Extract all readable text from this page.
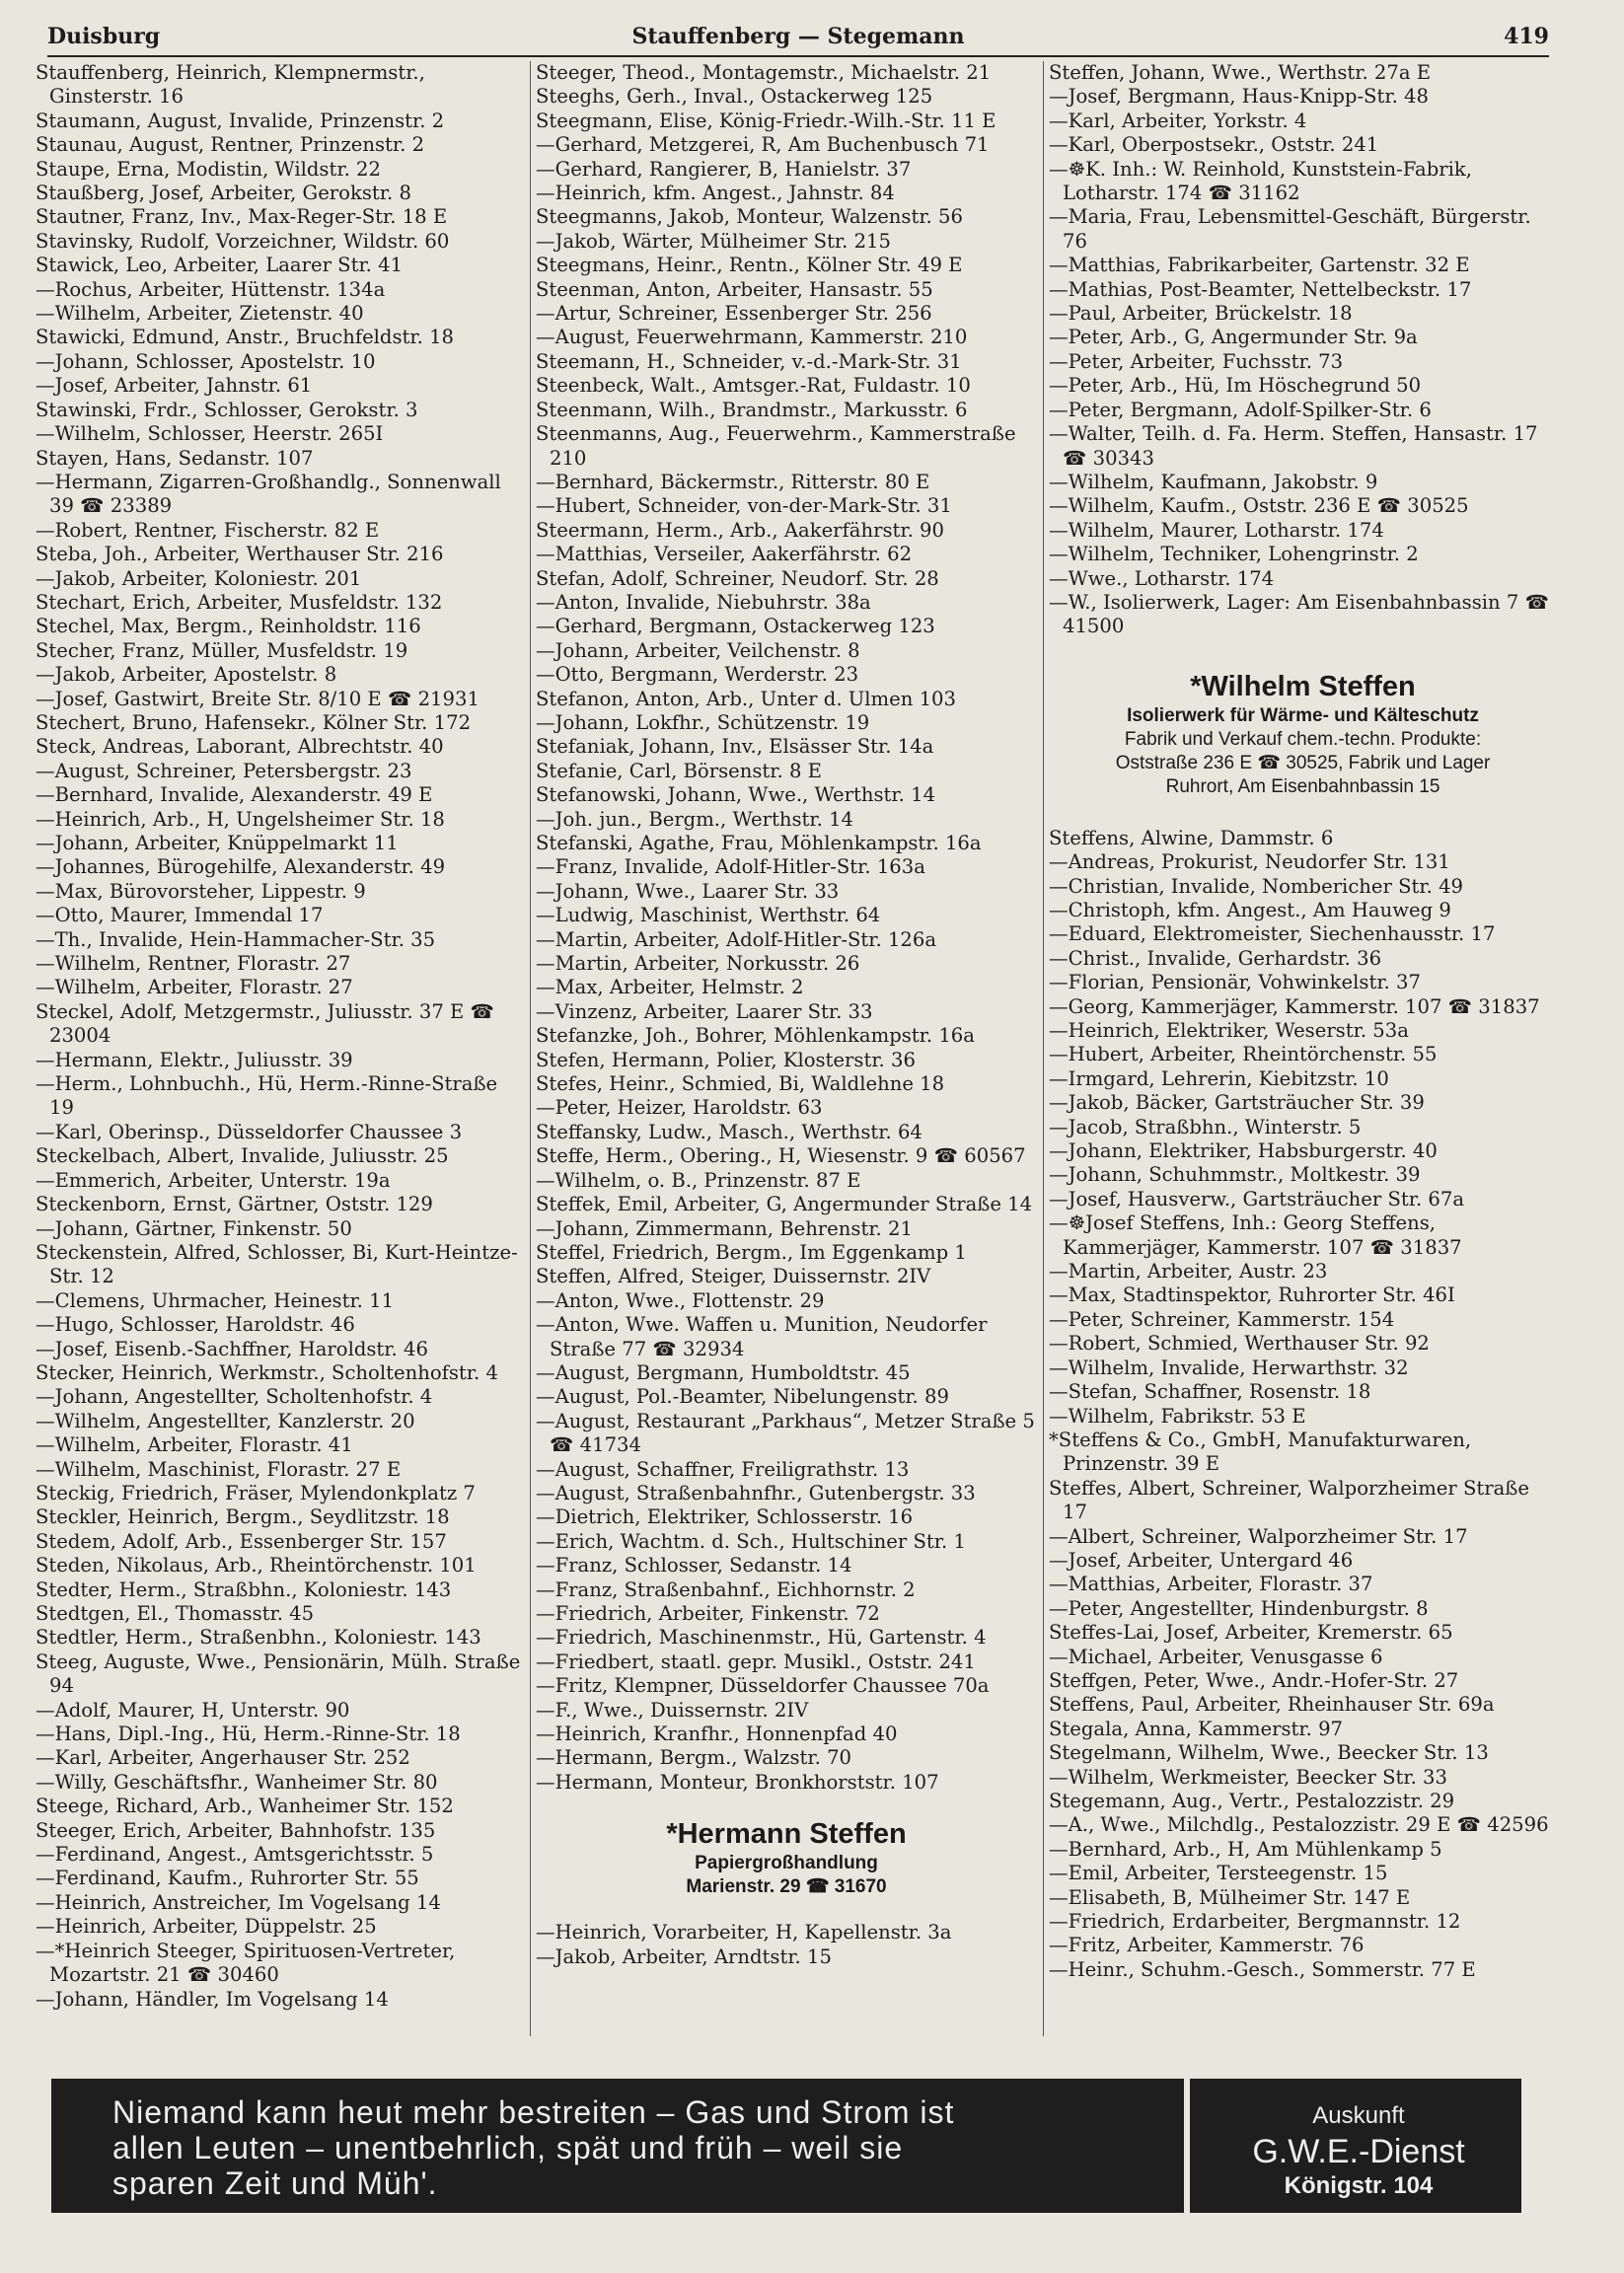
Duisburg	Stauffenberg — Stegemann	419
Stauffenberg, Heinrich, Klempnermstr., Ginsterstr. 16
Staumann, August, Invalide, Prinzenstr. 2
Staunau, August, Rentner, Prinzenstr. 2
Staupe, Erna, Modistin, Wildstr. 22
Staußberg, Josef, Arbeiter, Gerokstr. 8
Stautner, Franz, Inv., Max-Reger-Str. 18 E
Stavinsky, Rudolf, Vorzeichner, Wildstr. 60
Stawick, Leo, Arbeiter, Laarer Str. 41
—Rochus, Arbeiter, Hüttenstr. 134a
—Wilhelm, Arbeiter, Zietenstr. 40
Stawicki, Edmund, Anstr., Bruchfeldstr. 18
—Johann, Schlosser, Apostelstr. 10
—Josef, Arbeiter, Jahnstr. 61
Stawinski, Frdr., Schlosser, Gerokstr. 3
—Wilhelm, Schlosser, Heerstr. 265I
Stayen, Hans, Sedanstr. 107
—Hermann, Zigarren-Großhandlg., Sonnenwall 39 ☎ 23389
—Robert, Rentner, Fischerstr. 82 E
Steba, Joh., Arbeiter, Werthauser Str. 216
—Jakob, Arbeiter, Koloniestr. 201
Stechart, Erich, Arbeiter, Musfeldstr. 132
Stechel, Max, Bergm., Reinholdstr. 116
Stecher, Franz, Müller, Musfeldstr. 19
—Jakob, Arbeiter, Apostelstr. 8
—Josef, Gastwirt, Breite Str. 8/10 E ☎ 21931
Stechert, Bruno, Hafensekr., Kölner Str. 172
Steck, Andreas, Laborant, Albrechtstr. 40
—August, Schreiner, Petersbergstr. 23
—Bernhard, Invalide, Alexanderstr. 49 E
—Heinrich, Arb., H, Ungelsheimer Str. 18
—Johann, Arbeiter, Knüppelmarkt 11
—Johannes, Bürogehilfe, Alexanderstr. 49
—Max, Bürovorsteher, Lippestr. 9
—Otto, Maurer, Immendal 17
—Th., Invalide, Hein-Hammacher-Str. 35
—Wilhelm, Rentner, Florastr. 27
—Wilhelm, Arbeiter, Florastr. 27
Steckel, Adolf, Metzgermstr., Juliusstr. 37 E ☎ 23004
—Hermann, Elektr., Juliusstr. 39
—Herm., Lohnbuchh., Hü, Herm.-Rinne-Straße 19
—Karl, Oberinsp., Düsseldorfer Chaussee 3
Steckelbach, Albert, Invalide, Juliusstr. 25
—Emmerich, Arbeiter, Unterstr. 19a
Steckenborn, Ernst, Gärtner, Oststr. 129
—Johann, Gärtner, Finkenstr. 50
Steckenstein, Alfred, Schlosser, Bi, Kurt-Heintze-Str. 12
—Clemens, Uhrmacher, Heinestr. 11
—Hugo, Schlosser, Haroldstr. 46
—Josef, Eisenb.-Sachffner, Haroldstr. 46
Stecker, Heinrich, Werkmstr., Scholtenhofstr. 4
—Johann, Angestellter, Scholtenhofstr. 4
—Wilhelm, Angestellter, Kanzlerstr. 20
—Wilhelm, Arbeiter, Florastr. 41
—Wilhelm, Maschinist, Florastr. 27 E
Steckig, Friedrich, Fräser, Mylendonkplatz 7
Steckler, Heinrich, Bergm., Seydlitzstr. 18
Stedem, Adolf, Arb., Essenberger Str. 157
Steden, Nikolaus, Arb., Rheintörchenstr. 101
Stedter, Herm., Straßbhn., Koloniestr. 143
Stedtgen, El., Thomasstr. 45
Stedtler, Herm., Straßenbhn., Koloniestr. 143
Steeg, Auguste, Wwe., Pensionärin, Mülh. Straße 94
—Adolf, Maurer, H, Unterstr. 90
—Hans, Dipl.-Ing., Hü, Herm.-Rinne-Str. 18
—Karl, Arbeiter, Angerhauser Str. 252
—Willy, Geschäftsfhr., Wanheimer Str. 80
Steege, Richard, Arb., Wanheimer Str. 152
Steeger, Erich, Arbeiter, Bahnhofstr. 135
—Ferdinand, Angest., Amtsgerichtsstr. 5
—Ferdinand, Kaufm., Ruhrorter Str. 55
—Heinrich, Anstreicher, Im Vogelsang 14
—Heinrich, Arbeiter, Düppelstr. 25
—*Heinrich Steeger, Spirituosen-Vertreter, Mozartstr. 21 ☎ 30460
—Johann, Händler, Im Vogelsang 14
Steeger, Theod., Montagemstr., Michaelstr. 21
Steeghs, Gerh., Inval., Ostackerweg 125
Steegmann, Elise, König-Friedr.-Wilh.-Str. 11 E
—Gerhard, Metzgerei, R, Am Buchenbusch 71
—Gerhard, Rangierer, B, Hanielstr. 37
—Heinrich, kfm. Angest., Jahnstr. 84
Steegmanns, Jakob, Monteur, Walzenstr. 56
—Jakob, Wärter, Mülheimer Str. 215
Steegmans, Heinr., Rentn., Kölner Str. 49 E
Steenman, Anton, Arbeiter, Hansastr. 55
—Artur, Schreiner, Essenberger Str. 256
—August, Feuerwehrmann, Kammerstr. 210
Steemann, H., Schneider, v.-d.-Mark-Str. 31
Steenbeck, Walt., Amtsger.-Rat, Fuldastr. 10
Steenmann, Wilh., Brandmstr., Markusstr. 6
Steenmanns, Aug., Feuerwehrm., Kammerstraße 210
—Bernhard, Bäckermstr., Ritterstr. 80 E
—Hubert, Schneider, von-der-Mark-Str. 31
Steermann, Herm., Arb., Aakerfährstr. 90
—Matthias, Verseiler, Aakerfährstr. 62
Stefan, Adolf, Schreiner, Neudorf. Str. 28
—Anton, Invalide, Niebuhrstr. 38a
—Gerhard, Bergmann, Ostackerweg 123
—Johann, Arbeiter, Veilchenstr. 8
—Otto, Bergmann, Werderstr. 23
Stefanon, Anton, Arb., Unter d. Ulmen 103
—Johann, Lokfhr., Schützenstr. 19
Stefaniak, Johann, Inv., Elsässer Str. 14a
Stefanie, Carl, Börsenstr. 8 E
Stefanowski, Johann, Wwe., Werthstr. 14
—Joh. jun., Bergm., Werthstr. 14
Stefanski, Agathe, Frau, Möhlenkampstr. 16a
—Franz, Invalide, Adolf-Hitler-Str. 163a
—Johann, Wwe., Laarer Str. 33
—Ludwig, Maschinist, Werthstr. 64
—Martin, Arbeiter, Adolf-Hitler-Str. 126a
—Martin, Arbeiter, Norkusstr. 26
—Max, Arbeiter, Helmstr. 2
—Vinzenz, Arbeiter, Laarer Str. 33
Stefanzke, Joh., Bohrer, Möhlenkampstr. 16a
Stefen, Hermann, Polier, Klosterstr. 36
Stefes, Heinr., Schmied, Bi, Waldlehne 18
—Peter, Heizer, Haroldstr. 63
Steffansky, Ludw., Masch., Werthstr. 64
Steffe, Herm., Obering., H, Wiesenstr. 9 ☎ 60567
—Wilhelm, o. B., Prinzenstr. 87 E
Steffek, Emil, Arbeiter, G, Angermunder Straße 14
—Johann, Zimmermann, Behrenstr. 21
Steffel, Friedrich, Bergm., Im Eggenkamp 1
Steffen, Alfred, Steiger, Duissernstr. 2IV
—Anton, Wwe., Flottenstr. 29
—Anton, Wwe. Waffen u. Munition, Neudorfer Straße 77 ☎ 32934
—August, Bergmann, Humboldtstr. 45
—August, Pol.-Beamter, Nibelungenstr. 89
—August, Restaurant „Parkhaus“, Metzer Straße 5 ☎ 41734
—August, Schaffner, Freiligrathstr. 13
—August, Straßenbahnfhr., Gutenbergstr. 33
—Dietrich, Elektriker, Schlosserstr. 16
—Erich, Wachtm. d. Sch., Hultschiner Str. 1
—Franz, Schlosser, Sedanstr. 14
—Franz, Straßenbahnf., Eichhornstr. 2
—Friedrich, Arbeiter, Finkenstr. 72
—Friedrich, Maschinenmstr., Hü, Gartenstr. 4
—Friedbert, staatl. gepr. Musikl., Oststr. 241
—Fritz, Klempner, Düsseldorfer Chaussee 70a
—F., Wwe., Duissernstr. 2IV
—Heinrich, Kranfhr., Honnenpfad 40
—Hermann, Bergm., Walzstr. 70
—Hermann, Monteur, Bronkhorststr. 107
*Hermann Steffen
Papiergroßhandlung
Marienstr. 29 ☎ 31670
—Heinrich, Vorarbeiter, H, Kapellenstr. 3a
—Jakob, Arbeiter, Arndtstr. 15
Steffen, Johann, Wwe., Werthstr. 27a E
—Josef, Bergmann, Haus-Knipp-Str. 48
—Karl, Arbeiter, Yorkstr. 4
—Karl, Oberpostsekr., Oststr. 241
—☸K. Inh.: W. Reinhold, Kunststein-Fabrik, Lotharstr. 174 ☎ 31162
—Maria, Frau, Lebensmittel-Geschäft, Bürgerstr. 76
—Matthias, Fabrikarbeiter, Gartenstr. 32 E
—Mathias, Post-Beamter, Nettelbeckstr. 17
—Paul, Arbeiter, Brückelstr. 18
—Peter, Arb., G, Angermunder Str. 9a
—Peter, Arbeiter, Fuchsstr. 73
—Peter, Arb., Hü, Im Höschegrund 50
—Peter, Bergmann, Adolf-Spilker-Str. 6
—Walter, Teilh. d. Fa. Herm. Steffen, Hansastr. 17 ☎ 30343
—Wilhelm, Kaufmann, Jakobstr. 9
—Wilhelm, Kaufm., Oststr. 236 E ☎ 30525
—Wilhelm, Maurer, Lotharstr. 174
—Wilhelm, Techniker, Lohengrinstr. 2
—Wwe., Lotharstr. 174
—W., Isolierwerk, Lager: Am Eisenbahnbassin 7 ☎ 41500
*Wilhelm Steffen
Isolierwerk für Wärme- und Kälteschutz
Fabrik und Verkauf chem.-techn. Produkte:
Oststraße 236 E ☎ 30525, Fabrik und Lager
Ruhrort, Am Eisenbahnbassin 15
Steffens, Alwine, Dammstr. 6
—Andreas, Prokurist, Neudorfer Str. 131
—Christian, Invalide, Nombericher Str. 49
—Christoph, kfm. Angest., Am Hauweg 9
—Eduard, Elektromeister, Siechenhausstr. 17
—Christ., Invalide, Gerhardstr. 36
—Florian, Pensionär, Vohwinkelstr. 37
—Georg, Kammerjäger, Kammerstr. 107 ☎ 31837
—Heinrich, Elektriker, Weserstr. 53a
—Hubert, Arbeiter, Rheintörchenstr. 55
—Irmgard, Lehrerin, Kiebitzstr. 10
—Jakob, Bäcker, Gartsträucher Str. 39
—Jacob, Straßbhn., Winterstr. 5
—Johann, Elektriker, Habsburgerstr. 40
—Johann, Schuhmmstr., Moltkestr. 39
—Josef, Hausverw., Gartsträucher Str. 67a
—☸Josef Steffens, Inh.: Georg Steffens, Kammerjäger, Kammerstr. 107 ☎ 31837
—Martin, Arbeiter, Austr. 23
—Max, Stadtinspektor, Ruhrorter Str. 46I
—Peter, Schreiner, Kammerstr. 154
—Robert, Schmied, Werthauser Str. 92
—Wilhelm, Invalide, Herwarthstr. 32
—Stefan, Schaffner, Rosenstr. 18
—Wilhelm, Fabrikstr. 53 E
*Steffens & Co., GmbH, Manufakturwaren, Prinzenstr. 39 E
Steffes, Albert, Schreiner, Walporzheimer Straße 17
—Albert, Schreiner, Walporzheimer Str. 17
—Josef, Arbeiter, Untergard 46
—Matthias, Arbeiter, Florastr. 37
—Peter, Angestellter, Hindenburgstr. 8
Steffes-Lai, Josef, Arbeiter, Kremerstr. 65
—Michael, Arbeiter, Venusgasse 6
Steffgen, Peter, Wwe., Andr.-Hofer-Str. 27
Steffens, Paul, Arbeiter, Rheinhauser Str. 69a
Stegala, Anna, Kammerstr. 97
Stegelmann, Wilhelm, Wwe., Beecker Str. 13
—Wilhelm, Werkmeister, Beecker Str. 33
Stegemann, Aug., Vertr., Pestalozzistr. 29
—A., Wwe., Milchdlg., Pestalozzistr. 29 E ☎ 42596
—Bernhard, Arb., H, Am Mühlenkamp 5
—Emil, Arbeiter, Tersteegenstr. 15
—Elisabeth, B, Mülheimer Str. 147 E
—Friedrich, Erdarbeiter, Bergmannstr. 12
—Fritz, Arbeiter, Kammerstr. 76
—Heinr., Schuhm.-Gesch., Sommerstr. 77 E
Niemand kann heut mehr bestreiten – Gas und Strom ist
allen Leuten – unentbehrlich, spät und früh – weil sie
sparen Zeit und Müh'.
Auskunft
G.W.E.-Dienst
Königstr. 104
